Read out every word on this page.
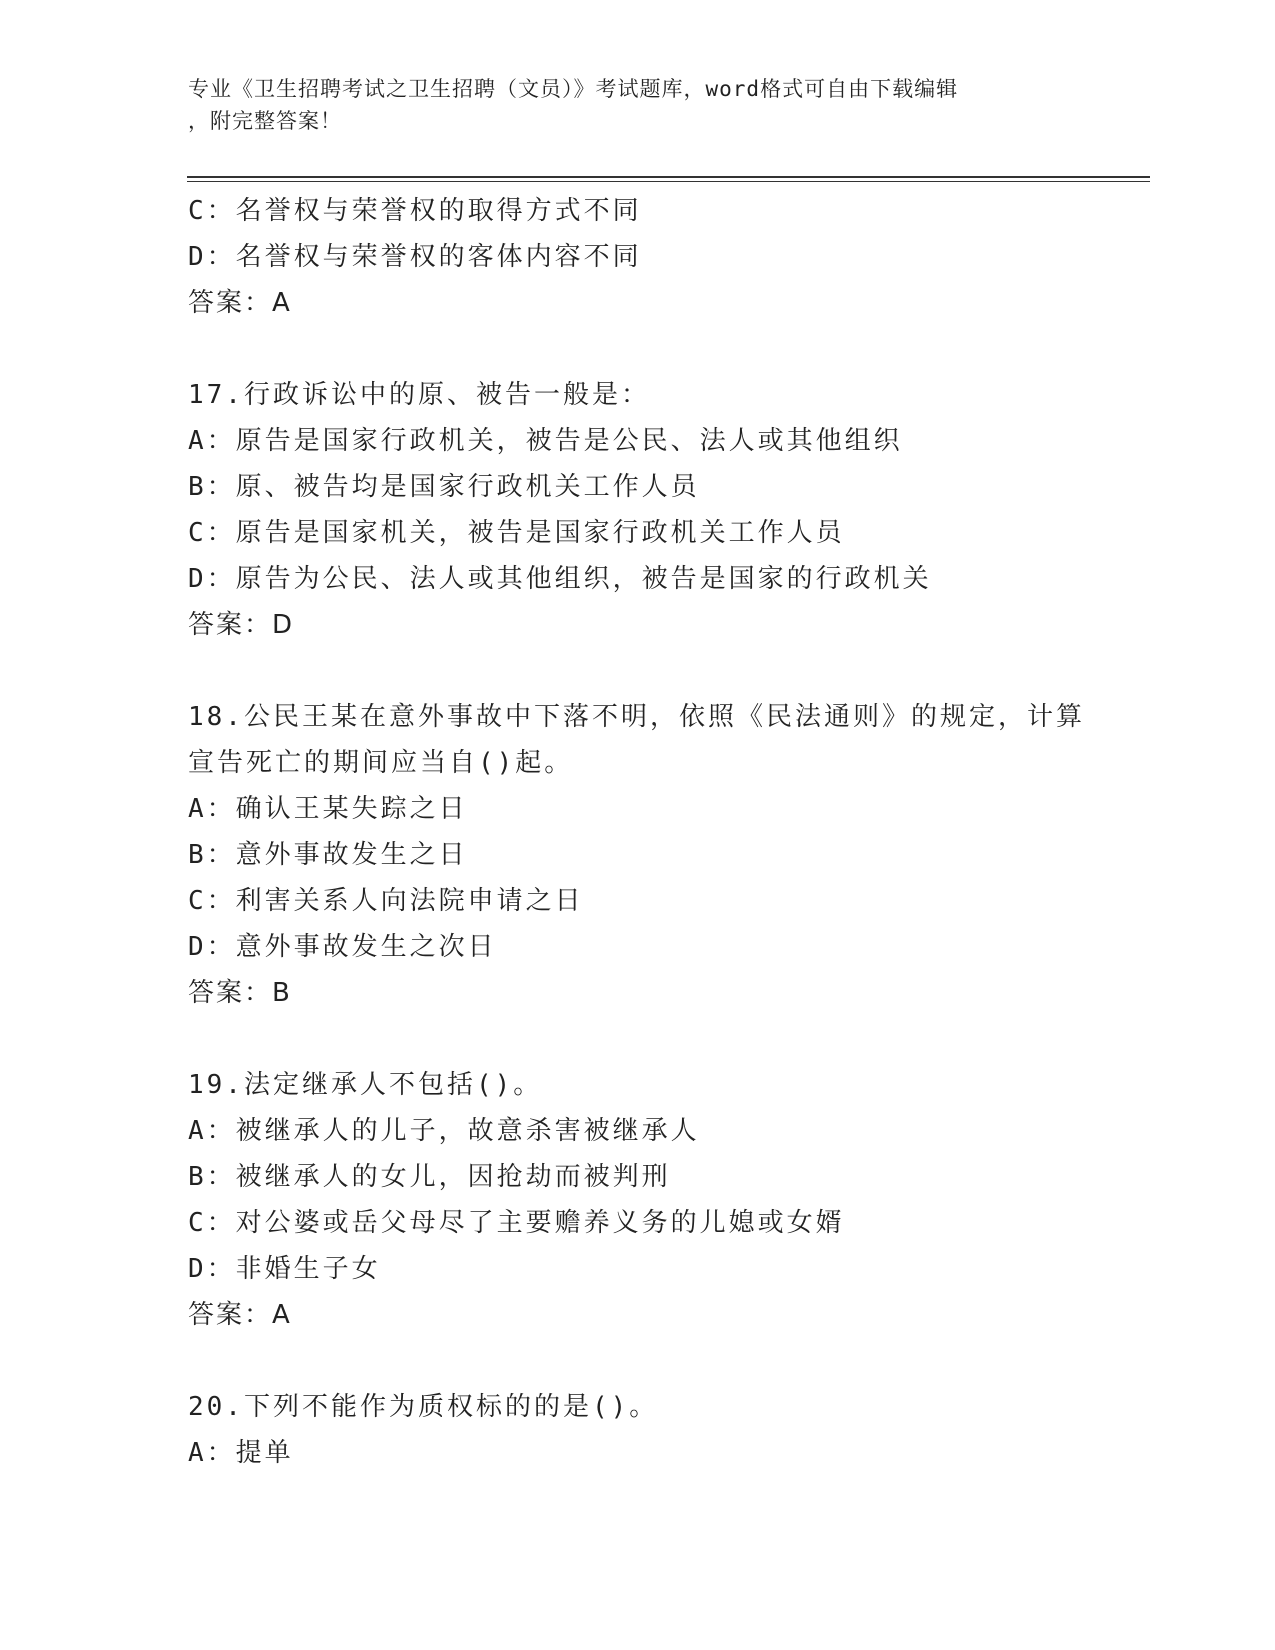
专业《卫生招聘考试之卫生招聘（文员）》考试题库，word格式可自由下载编辑
，附完整答案！
C：名誉权与荣誉权的取得方式不同
D：名誉权与荣誉权的客体内容不同
答案：A
17.行政诉讼中的原、被告一般是：
A：原告是国家行政机关，被告是公民、法人或其他组织
B：原、被告均是国家行政机关工作人员
C：原告是国家机关，被告是国家行政机关工作人员
D：原告为公民、法人或其他组织，被告是国家的行政机关
答案：D
18.公民王某在意外事故中下落不明，依照《民法通则》的规定，计算
宣告死亡的期间应当自()起。
A：确认王某失踪之日
B：意外事故发生之日
C：利害关系人向法院申请之日
D：意外事故发生之次日
答案：B
19.法定继承人不包括()。
A：被继承人的儿子，故意杀害被继承人
B：被继承人的女儿，因抢劫而被判刑
C：对公婆或岳父母尽了主要赡养义务的儿媳或女婿
D：非婚生子女
答案：A
20.下列不能作为质权标的的是()。
A：提单
